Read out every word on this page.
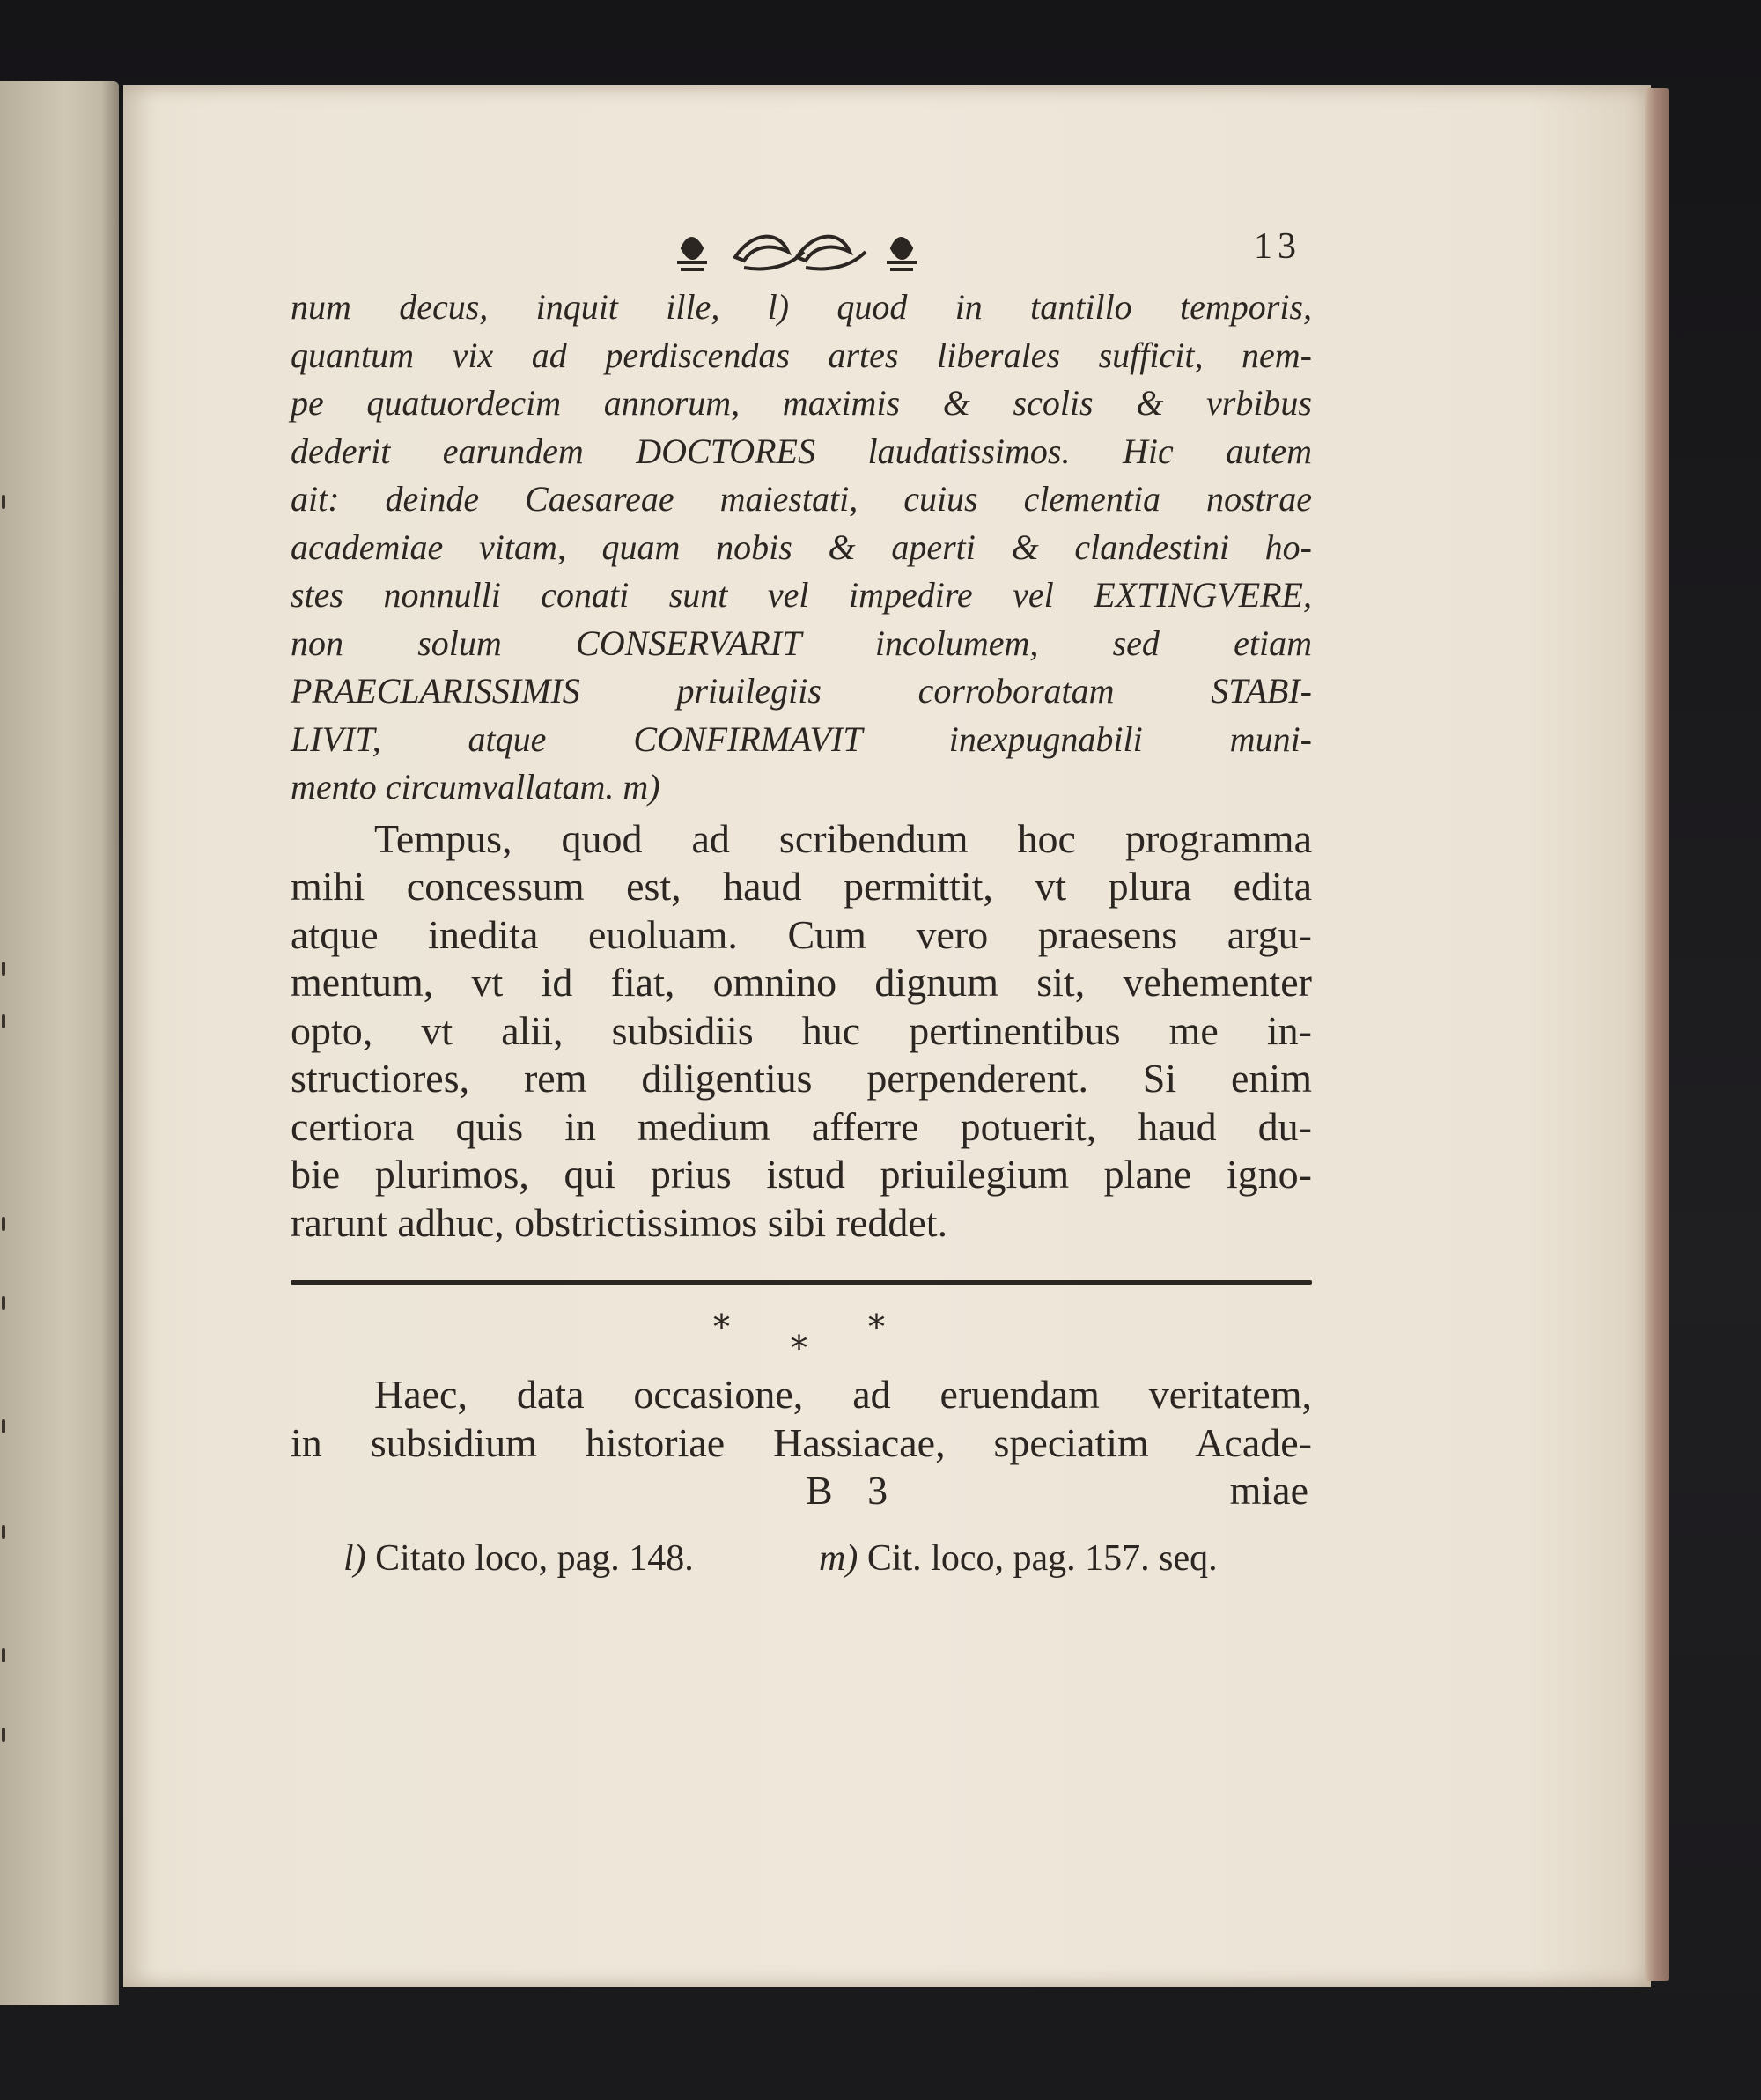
13
num decus, inquit ille, l) quod in tantillo temporis,
quantum vix ad perdiscendas artes liberales sufficit, nem-
pe quatuordecim annorum, maximis & scolis & vrbibus
dederit earundem DOCTORES laudatissimos. Hic autem
ait: deinde Caesareae maiestati, cuius clementia nostrae
academiae vitam, quam nobis & aperti & clandestini ho-
stes nonnulli conati sunt vel impedire vel EXTINGVERE,
non solum CONSERVARIT incolumem, sed etiam
PRAECLARISSIMIS priuilegiis corroboratam STABI-
LIVIT, atque CONFIRMAVIT inexpugnabili muni-
mento circumvallatam. m)
Tempus, quod ad scribendum hoc programma
mihi concessum est, haud permittit, vt plura edita
atque inedita euoluam. Cum vero praesens argu-
mentum, vt id fiat, omnino dignum sit, vehementer
opto, vt alii, subsidiis huc pertinentibus me in-
structiores, rem diligentius perpenderent. Si enim
certiora quis in medium afferre potuerit, haud du-
bie plurimos, qui prius istud priuilegium plane igno-
rarunt adhuc, obstrictissimos sibi reddet.
*
*
*
Haec, data occasione, ad eruendam veritatem,
in subsidium historiae Hassiacae, speciatim Acade-
B 3	miae
l) Citato loco, pag. 148.	m) Cit. loco, pag. 157. seq.
